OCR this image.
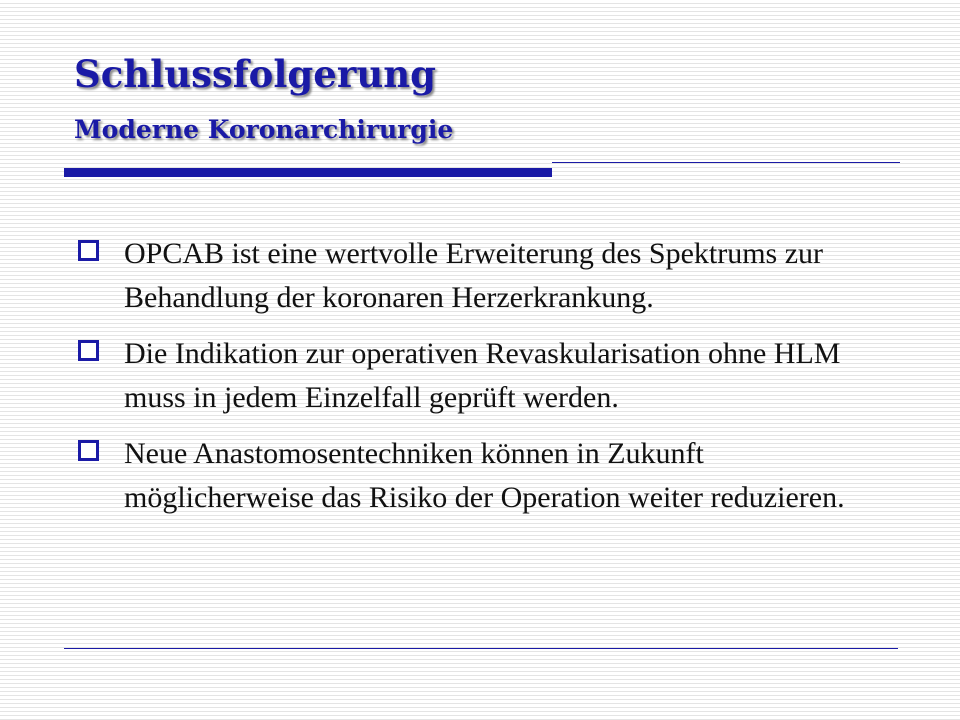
Schlussfolgerung
Moderne Koronarchirurgie
OPCAB ist eine wertvolle Erweiterung des Spektrums zur Behandlung der koronaren Herzerkrankung.
Die Indikation zur operativen Revaskularisation ohne HLM muss in jedem Einzelfall geprüft werden.
Neue Anastomosentechniken können in Zukunft möglicherweise das Risiko der Operation weiter reduzieren.
